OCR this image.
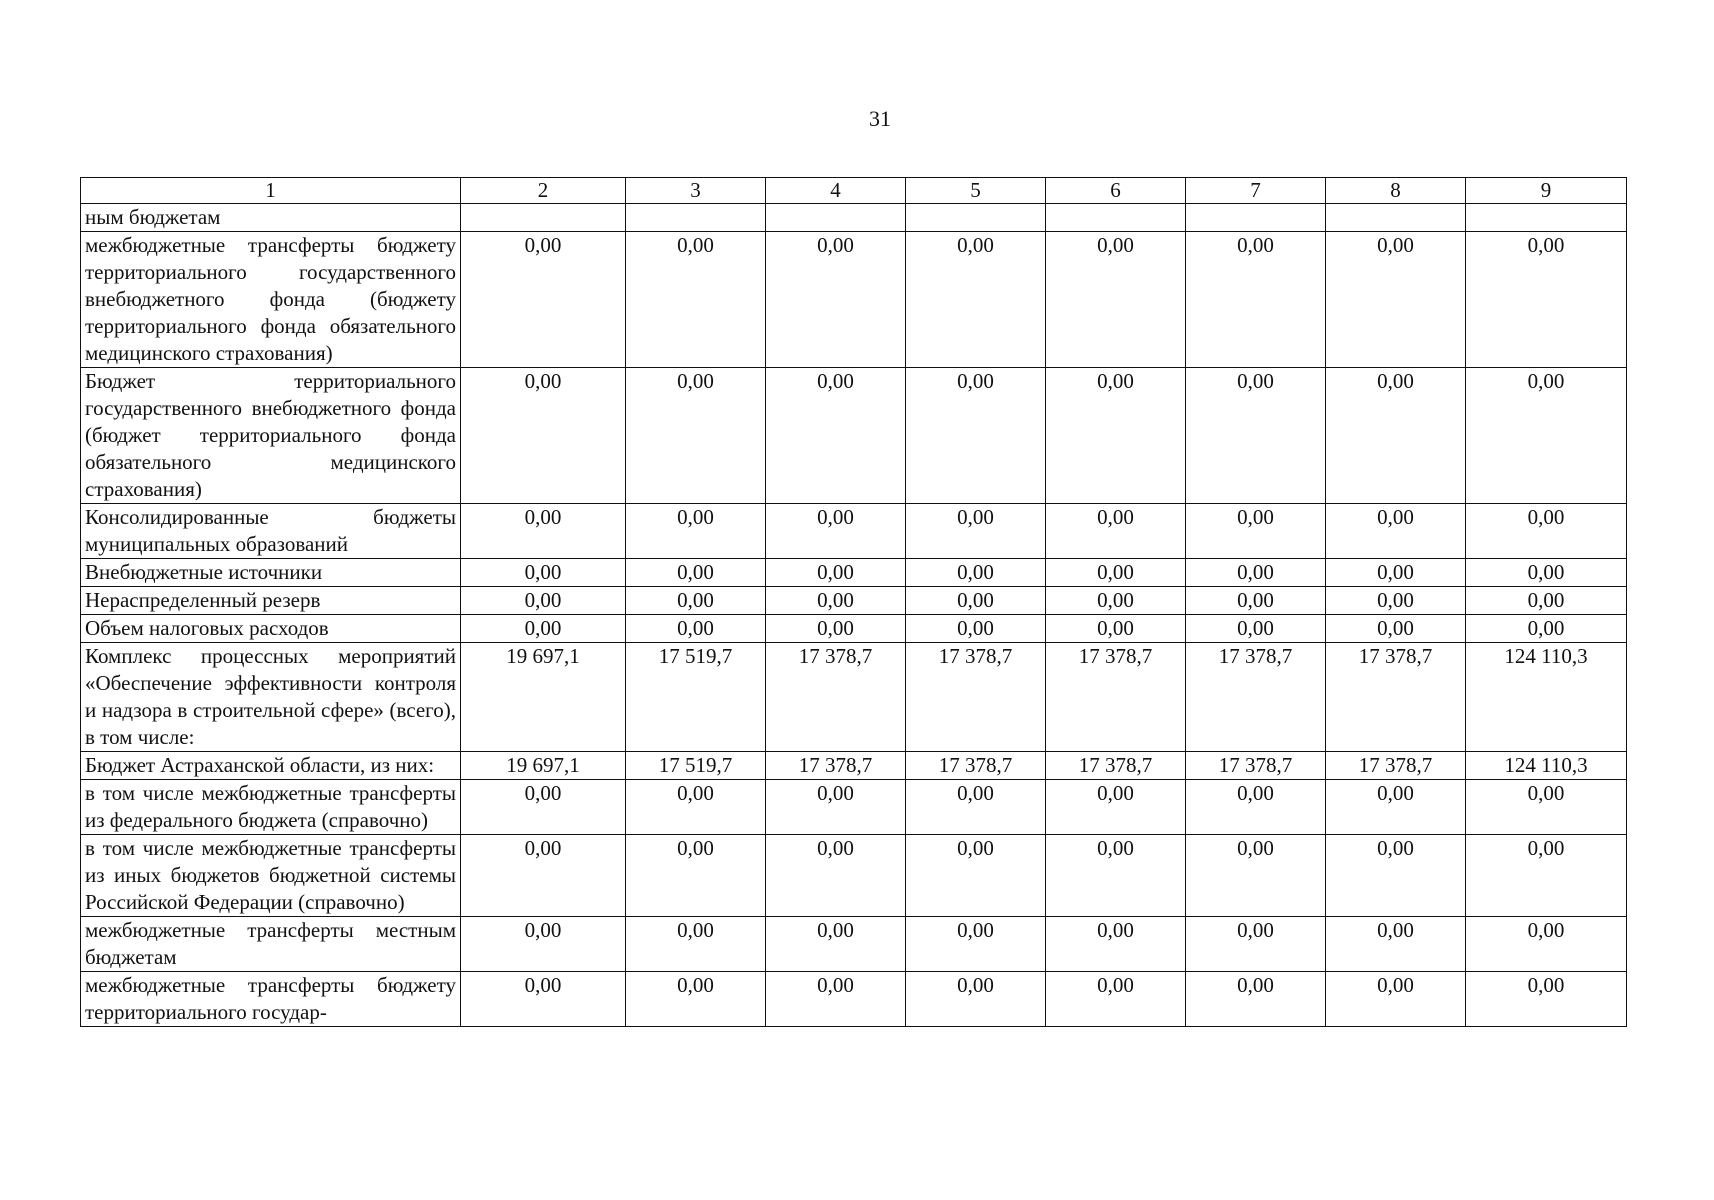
31
1	2	3	4	5	6	7	8	9
ным бюджетам								
межбюджетные трансферты бюджету территориального государственного внебюджетного фонда (бюджету территориального фонда обязательного медицинского страхования)	0,00	0,00	0,00	0,00	0,00	0,00	0,00	0,00
Бюджет территориального государственного внебюджетного фонда (бюджет территориального фонда обязательного медицинского страхования)	0,00	0,00	0,00	0,00	0,00	0,00	0,00	0,00
Консолидированные бюджеты муниципальных образований	0,00	0,00	0,00	0,00	0,00	0,00	0,00	0,00
Внебюджетные источники	0,00	0,00	0,00	0,00	0,00	0,00	0,00	0,00
Нераспределенный резерв	0,00	0,00	0,00	0,00	0,00	0,00	0,00	0,00
Объем налоговых расходов	0,00	0,00	0,00	0,00	0,00	0,00	0,00	0,00
Комплекс процессных мероприятий «Обеспечение эффективности контроля и надзора в строительной сфере» (всего), в том числе:	19 697,1	17 519,7	17 378,7	17 378,7	17 378,7	17 378,7	17 378,7	124 110,3
Бюджет Астраханской области, из них:	19 697,1	17 519,7	17 378,7	17 378,7	17 378,7	17 378,7	17 378,7	124 110,3
в том числе межбюджетные трансферты из федерального бюджета (справочно)	0,00	0,00	0,00	0,00	0,00	0,00	0,00	0,00
в том числе межбюджетные трансферты из иных бюджетов бюджетной системы Российской Федерации (справочно)	0,00	0,00	0,00	0,00	0,00	0,00	0,00	0,00
межбюджетные трансферты местным бюджетам	0,00	0,00	0,00	0,00	0,00	0,00	0,00	0,00
межбюджетные трансферты бюджету территориального государ-	0,00	0,00	0,00	0,00	0,00	0,00	0,00	0,00
